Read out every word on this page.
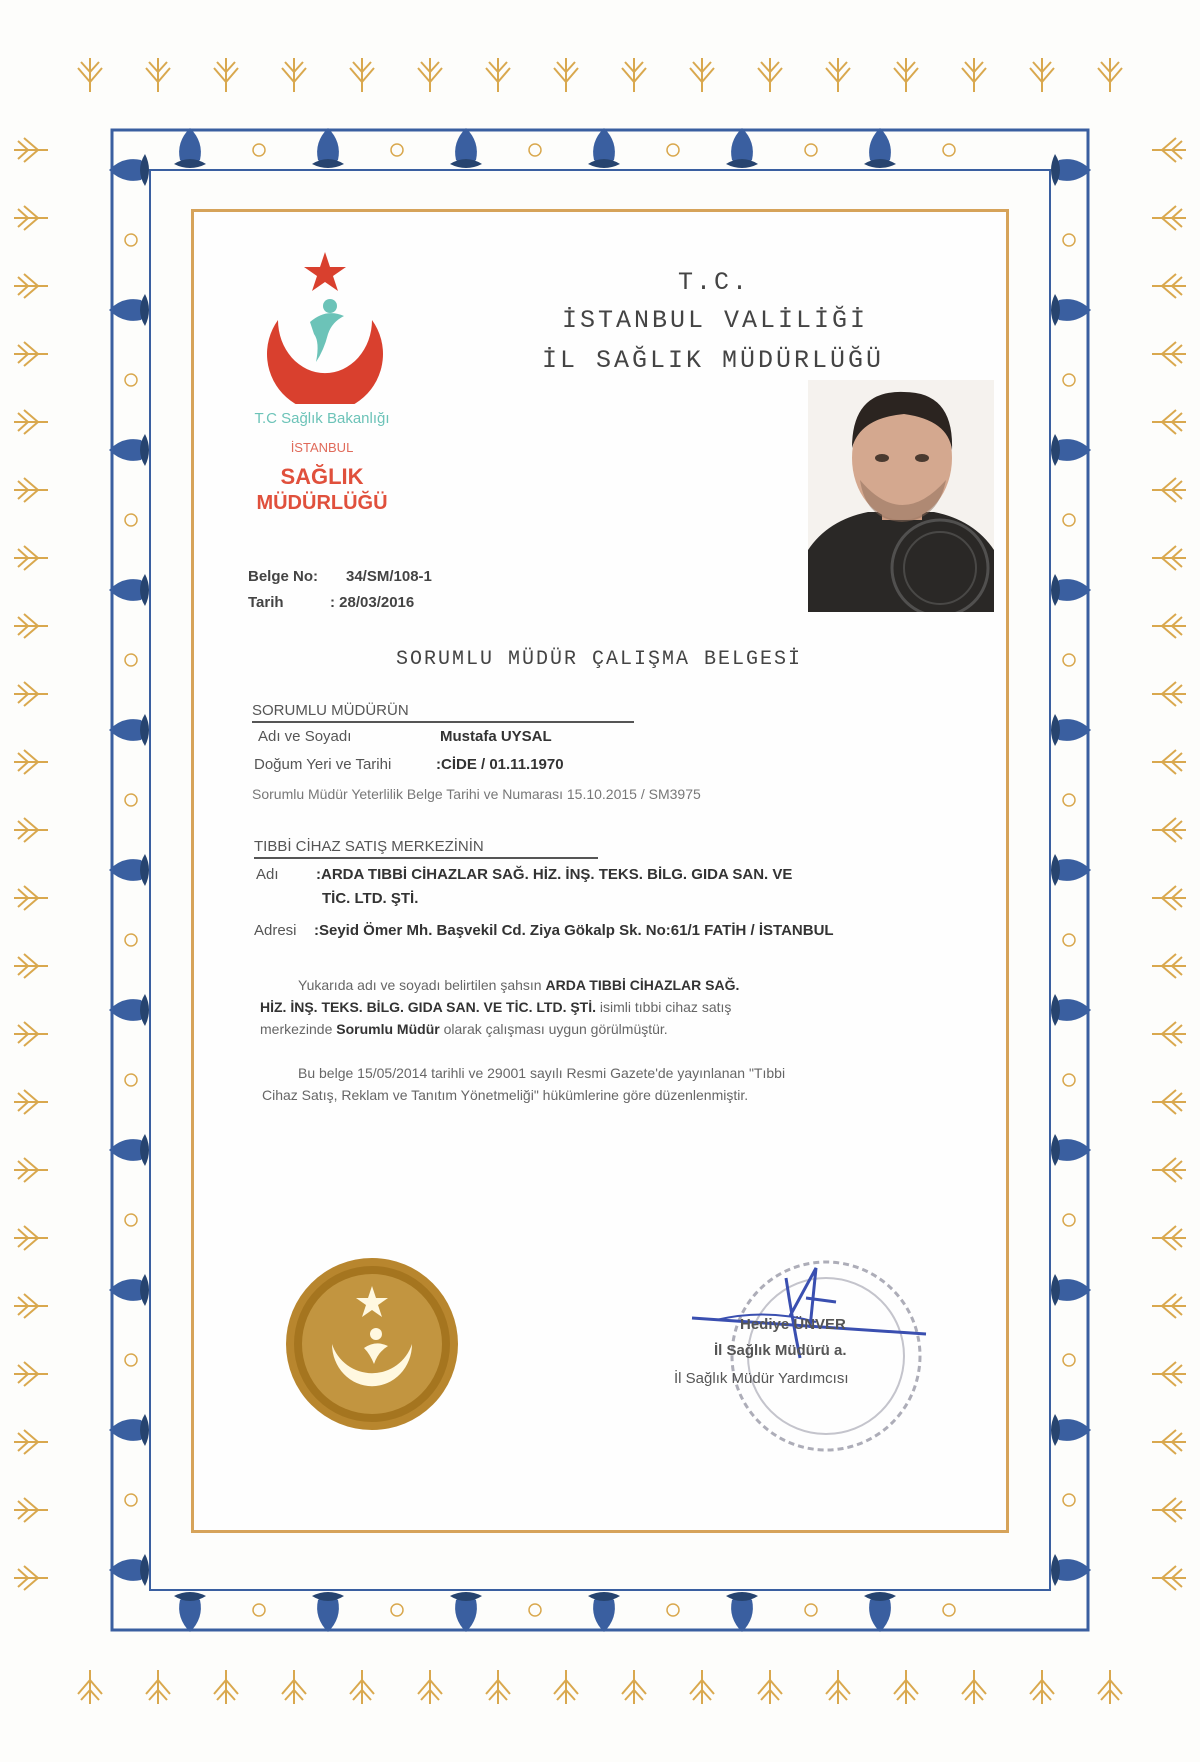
T.C Sağlık Bakanlığı
İSTANBUL
SAĞLIK
MÜDÜRLÜĞÜ
T.C.
İSTANBUL VALİLİĞİ
İL SAĞLIK MÜDÜRLÜĞÜ
Belge No: 34/SM/108-1
Tarih	: 28/03/2016
SORUMLU MÜDÜR ÇALIŞMA BELGESİ
SORUMLU MÜDÜRÜN
Adı ve Soyadı	Mustafa UYSAL
Doğum Yeri ve Tarihi	:CİDE / 01.11.1970
Sorumlu Müdür Yeterlilik Belge Tarihi ve Numarası 15.10.2015 / SM3975
TIBBİ CİHAZ SATIŞ MERKEZİNİN
Adı :ARDA TIBBİ CİHAZLAR SAĞ. HİZ. İNŞ. TEKS. BİLG. GIDA SAN. VE
TİC. LTD. ŞTİ.
Adresi :Seyid Ömer Mh. Başvekil Cd. Ziya Gökalp Sk. No:61/1 FATİH / İSTANBUL
Yukarıda adı ve soyadı belirtilen şahsın ARDA TIBBİ CİHAZLAR SAĞ.
HİZ. İNŞ. TEKS. BİLG. GIDA SAN. VE TİC. LTD. ŞTİ. isimli tıbbi cihaz satış
merkezinde Sorumlu Müdür olarak çalışması uygun görülmüştür.
Bu belge 15/05/2014 tarihli ve 29001 sayılı Resmi Gazete'de yayınlanan "Tıbbi
Cihaz Satış, Reklam ve Tanıtım Yönetmeliği" hükümlerine göre düzenlenmiştir.
Hediye ÜNVER
İl Sağlık Müdürü a.
İl Sağlık Müdür Yardımcısı
